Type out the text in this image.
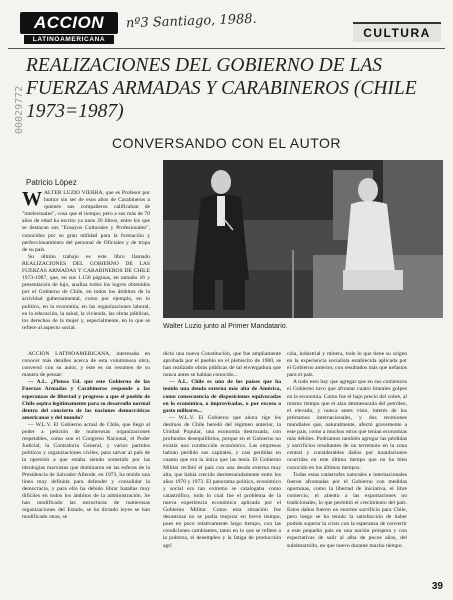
ACCION
LATINOAMERICANA
nº3 Santiago, 1988.
CULTURA
REALIZACIONES DEL GOBIERNO DE LAS FUERZAS ARMADAS Y CARABINEROS (CHILE 1973=1987)
CONVERSANDO CON EL AUTOR
00029772
Patricio López

WALTER LUZIO VIERRA, que es Profesor por humor sin ser de esos años de Carabineros a quienes sus compañeros calificaban de "intelectuales", cosa que el tiempo; pero a sus más de 70 años de edad ha escrito ya unos 20 libros, entre los que se destacan sus "Ensayos Culturales y Profesionales", conocidos por su gran utilidad para la formación y perfeccionamiento del personal de Oficiales y de tropa de su país.

Su último trabajo es este libro llamado REALIZACIONES DEL GOBIERNO DE LAS FUERZAS ARMADAS Y CARABINEROS DE CHILE 1973-1987, que, en sus 1.150 páginas, en tamaño 16 y presentación de lujo, analiza todos los logros obtenidos por el Gobierno de Chile, en todos los ámbitos de la actividad gubernamental, como por ejemplo, en lo político, en la economía, en las organizaciones laboral, en la educación, la salud, la vivienda, las obras públicas, los derechos de la mujer y, especialmente, en lo que se refiere al aspecto social.	Walter Luzio junto al Primer Mandatario.

ACCION LATINOAMERICANA, interesada en conocer más detalles acerca de esta voluminosa obra, conversó con su autor, y éste es un resumen de su manera de pensar:

— A.L. ¿Piensa Ud. que este Gobierno de las Fuerzas Armadas y Carabineros responde a las esperanzas de libertad y progreso a que el pueblo de Chile aspira legítimamente para su desarrollo normal dentro del concierto de las naciones democráticas americanas y del mundo?

— W.L.V. El Gobierno actual de Chile, que llegó al poder a petición de numerosas organizaciones respetables, como son el Congreso Nacional, el Poder Judicial, la Contraloría General, y varios partidos políticos y organizaciones civiles, para salvar al país de la opresión a que estaba siendo sometido por las ideologías marxistas que dominaron en las esferas de la Presidencia de Salvador Allende, en 1973, ha tenido una línea muy definida para defender y consolidar la democracia, y para ello ha debido librar batallas muy difíciles en todos los ámbitos de la administración. Se han modificado las estructuras de numerosas organizaciones del Estado, se ha dictado leyes se han modificado otras, se

dictó una nueva Constitución, que fue ampliamente aprobada por el pueblo en el plebiscito de 1980, se han realizado obras públicas de tal envergadura que nunca antes se habían conocido...

— A.L. Chile es uno de los países que ha tenido una deuda externa más alta de América, como consecuencia de disposiciones equivocadas en lo económico, o improvisadas, o por exceso o gasto militares...

— W.L.V. El Gobierno que ahora rige los destinos de Chile heredó del régimen anterior, la Unidad Popular, una economía destrozada, con profundos desequilibrios, porque en el Gobierno no existía una conducción económica. Las empresas habían perdido sus capitales, y casi perdidas en cuanto que era la única que las tenía. El Gobierno Militar recibió el país con una deuda externa muy alta, que había crecido desmesuradamente entre los años 1970 y 1973. El panorama político, económico y social era tan extremo se catalogaba como catastrófico, todo lo cual fue el problema de la nueva experiencia económica aplicada por el Gobierno Militar. Como esta situación fue desastrosa no se podía mejorar en breve tiempo, pues en poco relativamente largo tiempo, con las condiciones cambiantes, tanto en lo que se refiere a la pobreza, el desempleo y la fatiga de producción agrí

cola, industrial y minera, todo lo que tiene su origen en la experiencia socialista establecida aplicada por el Gobierno anterior, con resultados más que nefastos para el país.

A todo esto hay que agregar que en sus comienzos el Gobierno tuvo que afrontar cuatro brutales golpes en la economía. Como fue el bajo precio del cobre, al mismo tiempo que el alza desmesurada del petróleo, el elevado, y nunca antes visto, interés de los préstamos internacionales, y dos recesiones mundiales que, naturalmente, afectó gravemente a este país, como a muchos otros que tenían economías más débiles. Podríamos también agregar las pérdidas y sacrificios resultantes de un terremoto en la zona central y considerables daños por inundaciones ocurridas en este último tiempo que no ha bien conocido en los últimos tiempos.

Todas estas catástrofes naturales e internacionales fueron afrontadas por el Gobierno con medidas oportunas, como la libertad de iniciativa, el libre comercio, el aliento a las exportaciones no tradicionales, lo que permitió el crecimiento del país. Estos daños fueron un enorme sacrificio para Chile, pero luego se ha tenido la satisfacción de haber podido superar la crisis con la esperanza de convertir a este pequeño país en una nación próspera y con expectativas de salir al alba de pocos años, del subdesarrollo, en que nuevo durante mucho tiempo.

39
